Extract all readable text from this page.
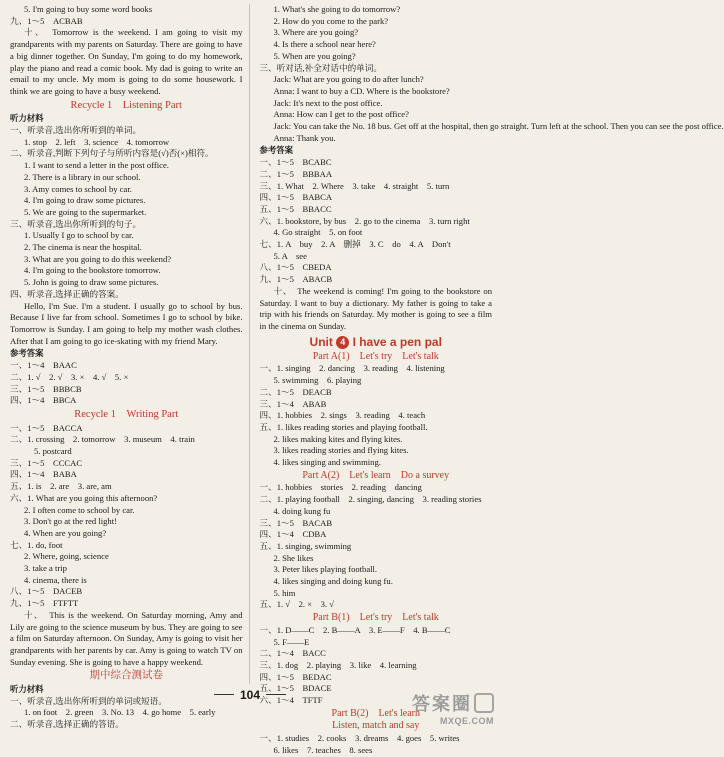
5. I'm going to buy some word books
九、1～5　ACBAB
十、　Tomorrow is the weekend. I am going to visit my grandparents with my parents on Saturday. There are going to have a big dinner together. On Sunday, I'm going to do my homework, play the piano and read a comic book. My dad is going to write an email to my uncle. My mom is going to do some housework. I think we are going to have a busy weekend.
Recycle 1　Listening Part
听力材料
一、听录音,选出你所听到的单词。
1. stop　2. left　3. science　4. tomorrow
二、听录音,判断下列句子与所听内容是(√)否(×)相符。
1. I want to send a letter in the post office.
2. There is a library in our school.
3. Amy comes to school by car.
4. I'm going to draw some pictures.
5. We are going to the supermarket.
三、听录音,选出你所听到的句子。
1. Usually I go to school by car.
2. The cinema is near the hospital.
3. What are you going to do this weekend?
4. I'm going to the bookstore tomorrow.
5. John is going to draw some pictures.
四、听录音,选择正确的答案。
Hello, I'm Sue. I'm a student. I usually go to school by bus. Because I live far from school. Sometimes I go to school by bike. Tomorrow is Sunday. I am going to help my mother wash clothes. After that I am going to go ice-skating with my friend Mary.
参考答案
一、1～4　BAAC
二、1. √　2. √　3. ×　4. √　5. ×
三、1～5　BBBCB
四、1～4　BBCA
Recycle 1　Writing Part
一、1～5　BACCA
二、1. crossing　2. tomorrow　3. museum　4. train
5. postcard
三、1～5　CCCAC
四、1～4　BABA
五、1. is　2. are　3. are, am
六、1. What are you going this afternoon?
2. I often come to school by car.
3. Don't go at the red light!
4. When are you going?
七、1. do, foot
2. Where, going, science
3. take a trip
4. cinema, there is
八、1～5　DACEB
九、1～5　FTFTT
十、　This is the weekend. On Saturday morning, Amy and Lily are going to the science museum by bus. They are going to see a film on Saturday afternoon. On Sunday, Amy is going to visit her grandparents with her parents by car. Amy is going to watch TV on Sunday evening. She is going to have a happy weekend.
期中综合测试卷
听力材料
一、听录音,选出你所听到的单词或短语。
1. on foot　2. green　3. No. 13　4. go home　5. early
二、听录音,选择正确的答语。
1. What's she going to do tomorrow?
2. How do you come to the park?
3. Where are you going?
4. Is there a school near here?
5. When are you going?
三、听对话,补全对话中的单词。
Jack: What are you going to do after lunch?
Anna: I want to buy a CD. Where is the bookstore?
Jack: It's next to the post office.
Anna: How can I get to the post office?
Jack: You can take the No. 18 bus. Get off at the hospital, then go straight. Turn left at the school. Then you can see the post office.
Anna: Thank you.
参考答案
一、1～5　BCABC
二、1～5　BBBAA
三、1. What　2. Where　3. take　4. straight　5. turn
四、1～5　BABCA
五、1～5　BBACC
六、1. bookstore, by bus　2. go to the cinema　3. turn right
4. Go straight　5. on foot
七、1. A　buy　2. A　删掉　3. C　do　4. A　Don't
5. A　see
八、1～5　CBEDA
九、1～5　ABACB
十、　The weekend is coming! I'm going to the bookstore on Saturday. I want to buy a dictionary. My father is going to take a trip with his friends on Saturday. My mother is going to see a film in the cinema on Sunday.
Unit 4 I have a pen pal
Part A(1)　Let's try　Let's talk
一、1. singing　2. dancing　3. reading　4. listening
5. swimming　6. playing
二、1～5　DEACB
三、1～4　ABAB
四、1. hobbies　2. sings　3. reading　4. teach
五、1. likes reading stories and playing football.
2. likes making kites and flying kites.
3. likes reading stories and flying kites.
4. likes singing and swimming.
Part A(2)　Let's learn　Do a survey
一、1. hobbies　stories　2. reading　dancing
二、1. playing football　2. singing, dancing　3. reading stories
4. doing kung fu
三、1～5　BACAB
四、1～4　CDBA
五、1. singing, swimming
2. She likes
3. Peter likes playing football.
4. likes singing and doing kung fu.
5. him
五、1. √　2. ×　3. √
Part B(1)　Let's try　Let's talk
一、1. D——C　2. B——A　3. E——F　4. B——C
5. F——E
二、1～4　BACC
三、1. dog　2. playing　3. like　4. learning
四、1～5　BEDAC
五、1～5　BDACE
六、1～4　TFTF
Part B(2)　Let's learn
Listen, match and say
一、1. studies　2. cooks　3. dreams　4. goes　5. writes
6. likes　7. teaches　8. sees
104	答案圈
MXQE.COM
